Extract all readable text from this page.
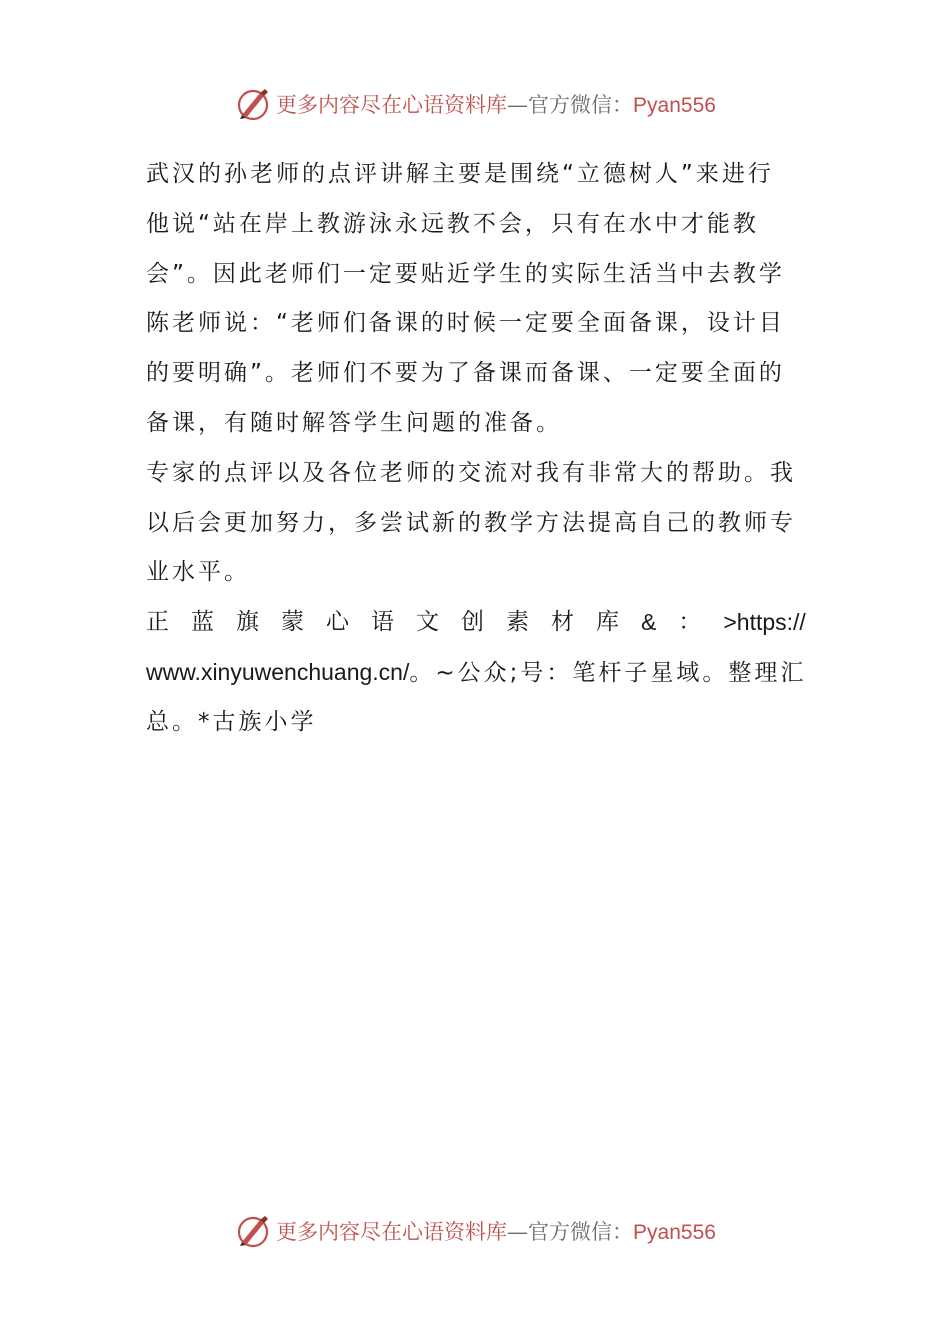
更多内容尽在心语资料库—官方微信：Pyan556
武汉的孙老师的点评讲解主要是围绕“立德树人”来进行
他说“站在岸上教游泳永远教不会，只有在水中才能教
会”。因此老师们一定要贴近学生的实际生活当中去教学
陈老师说：“老师们备课的时候一定要全面备课，设计目
的要明确”。老师们不要为了备课而备课、一定要全面的
备课，有随时解答学生问题的准备。
专家的点评以及各位老师的交流对我有非常大的帮助。我
以后会更加努力，多尝试新的教学方法提高自己的教师专
业水平。
正 蓝 旗 蒙 心 语 文 创 素 材 库 & ： >https://
www.xinyuwenchuang.cn/。~公众;号：笔杆子星域。整理汇
总。*古族小学
更多内容尽在心语资料库—官方微信：Pyan556
